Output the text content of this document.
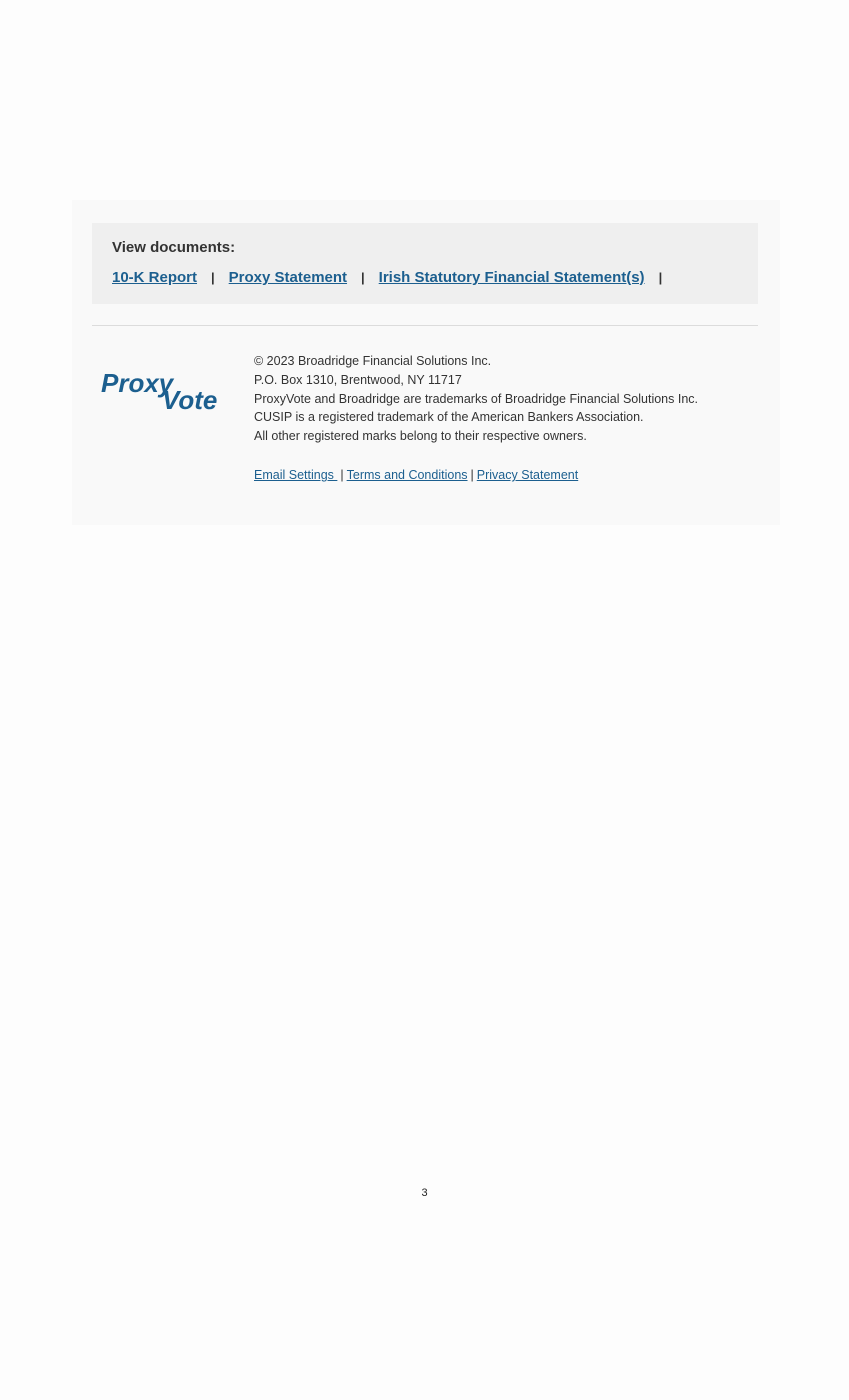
View documents:

10-K Report | Proxy Statement | Irish Statutory Financial Statement(s) |
Proxy
Vote
© 2023 Broadridge Financial Solutions Inc.
P.O. Box 1310, Brentwood, NY 11717
ProxyVote and Broadridge are trademarks of Broadridge Financial Solutions Inc.
CUSIP is a registered trademark of the American Bankers Association.
All other registered marks belong to their respective owners.
Email Settings | Terms and Conditions | Privacy Statement
3
